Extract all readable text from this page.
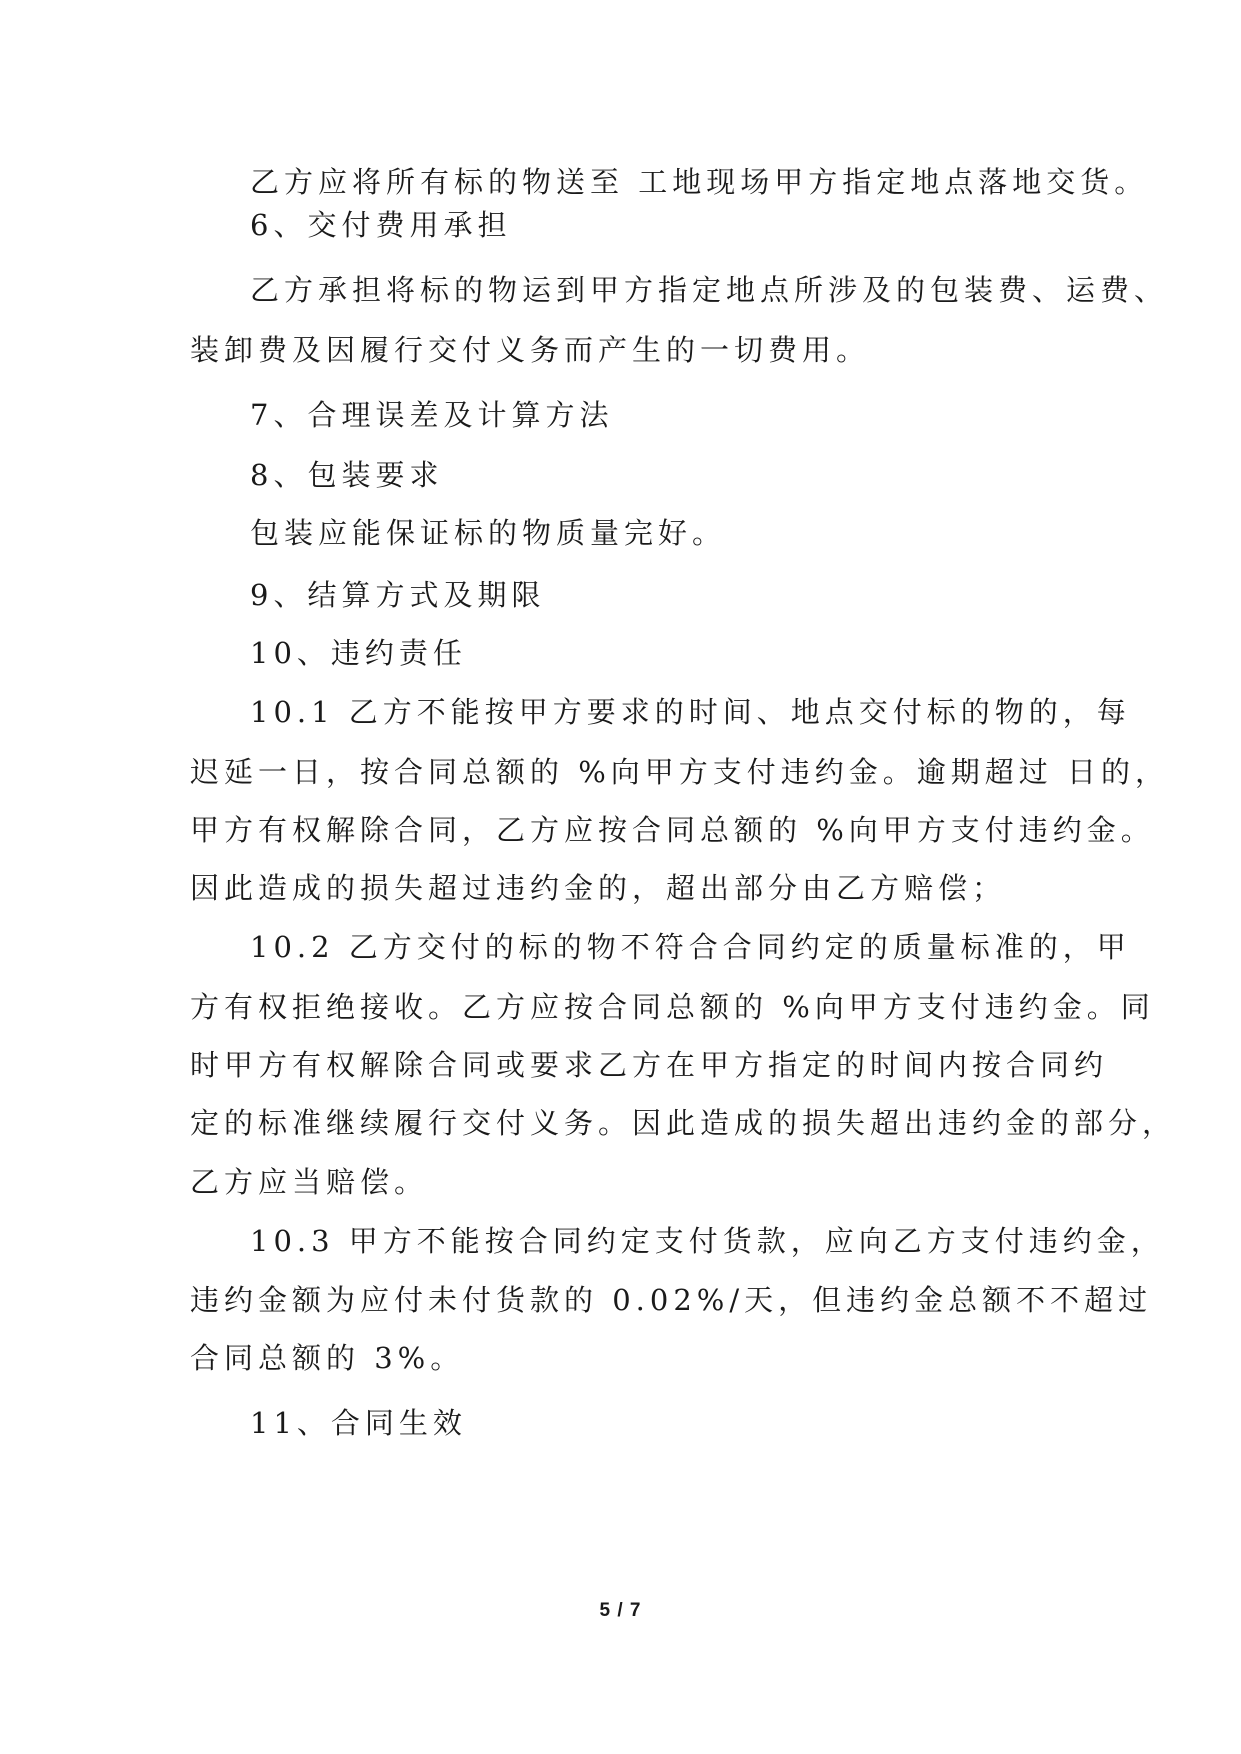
乙方应将所有标的物送至 工地现场甲方指定地点落地交货。
6、交付费用承担
乙方承担将标的物运到甲方指定地点所涉及的包装费、运费、
装卸费及因履行交付义务而产生的一切费用。
7、合理误差及计算方法
8、包装要求
包装应能保证标的物质量完好。
9、结算方式及期限
10、违约责任
10.1 乙方不能按甲方要求的时间、地点交付标的物的，每
迟延一日，按合同总额的 %向甲方支付违约金。逾期超过 日的，
甲方有权解除合同，乙方应按合同总额的 %向甲方支付违约金。
因此造成的损失超过违约金的，超出部分由乙方赔偿；
10.2 乙方交付的标的物不符合合同约定的质量标准的，甲
方有权拒绝接收。乙方应按合同总额的 %向甲方支付违约金。同
时甲方有权解除合同或要求乙方在甲方指定的时间内按合同约
定的标准继续履行交付义务。因此造成的损失超出违约金的部分，
乙方应当赔偿。
10.3 甲方不能按合同约定支付货款，应向乙方支付违约金，
违约金额为应付未付货款的 0.02%/天，但违约金总额不不超过
合同总额的 3%。
11、合同生效
5 / 7
